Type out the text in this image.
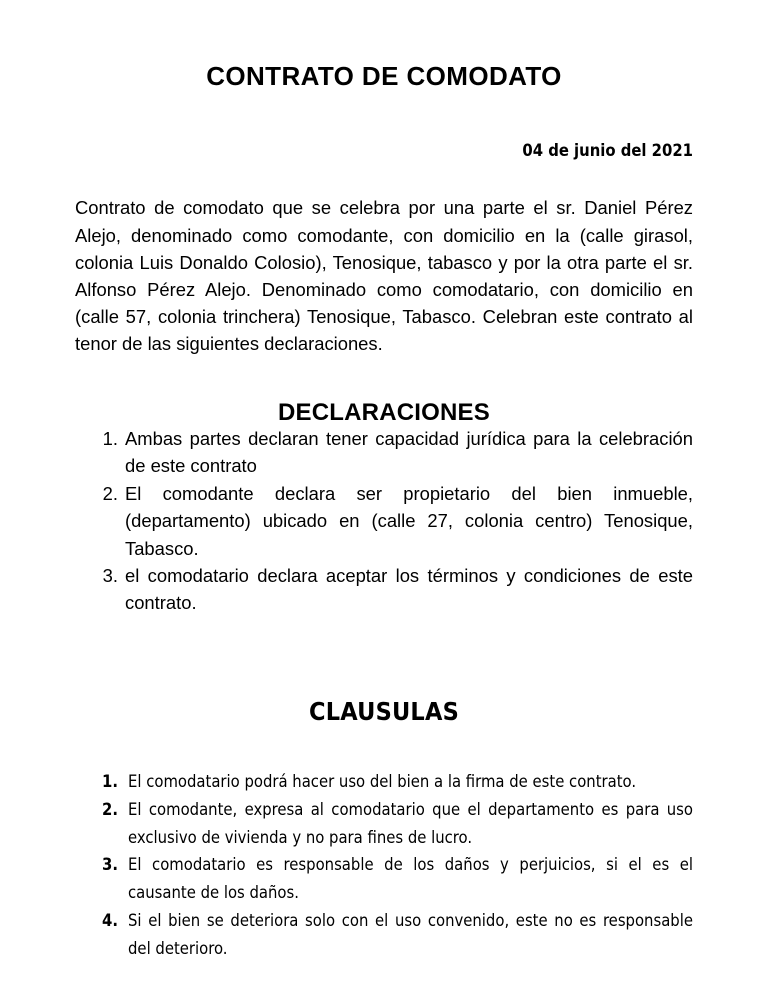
CONTRATO DE COMODATO
04 de junio del 2021

Contrato de comodato que se celebra por una parte el sr. Daniel Pérez Alejo, denominado como comodante, con domicilio en la (calle girasol, colonia Luis Donaldo Colosio), Tenosique, tabasco y por la otra parte el sr. Alfonso Pérez Alejo. Denominado como comodatario, con domicilio en (calle 57, colonia trinchera) Tenosique, Tabasco. Celebran este contrato al tenor de las siguientes declaraciones.

DECLARACIONES
1. Ambas partes declaran tener capacidad jurídica para la celebración de este contrato
2. El comodante declara ser propietario del bien inmueble, (departamento) ubicado en (calle 27, colonia centro) Tenosique, Tabasco.
3. el comodatario declara aceptar los términos y condiciones de este contrato.
CLAUSULAS
1. El comodatario podrá hacer uso del bien a la firma de este contrato.
2. El comodante, expresa al comodatario que el departamento es para uso exclusivo de vivienda y no para fines de lucro.
3. El comodatario es responsable de los daños y perjuicios, si el es el causante de los daños.
4. Si el bien se deteriora solo con el uso convenido, este no es responsable del deterioro.
